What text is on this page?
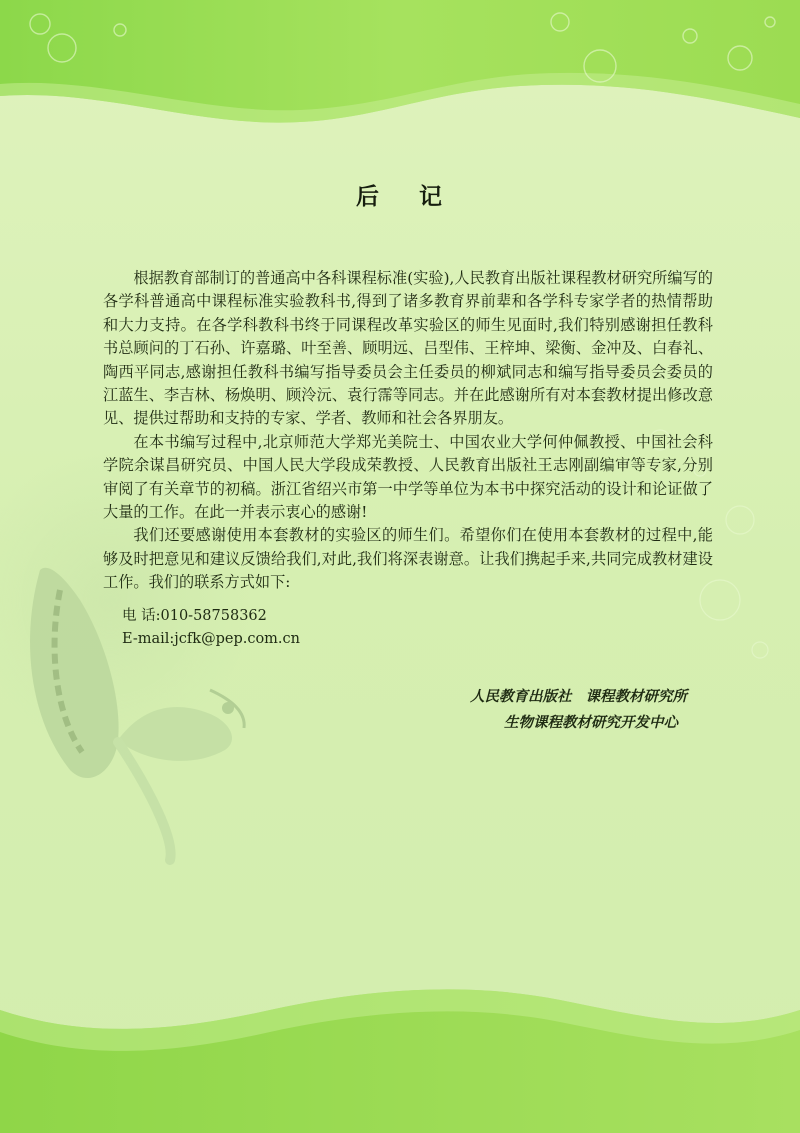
后 记

根据教育部制订的普通高中各科课程标准(实验),人民教育出版社课程教材研究所编写的各学科普通高中课程标准实验教科书,得到了诸多教育界前辈和各学科专家学者的热情帮助和大力支持。在各学科教科书终于同课程改革实验区的师生见面时,我们特别感谢担任教科书总顾问的丁石孙、许嘉璐、叶至善、顾明远、吕型伟、王梓坤、梁衡、金冲及、白春礼、陶西平同志,感谢担任教科书编写指导委员会主任委员的柳斌同志和编写指导委员会委员的江蓝生、李吉林、杨焕明、顾泠沅、袁行霈等同志。并在此感谢所有对本套教材提出修改意见、提供过帮助和支持的专家、学者、教师和社会各界朋友。

在本书编写过程中,北京师范大学郑光美院士、中国农业大学何仲佩教授、中国社会科学院余谋昌研究员、中国人民大学段成荣教授、人民教育出版社王志刚副编审等专家,分别审阅了有关章节的初稿。浙江省绍兴市第一中学等单位为本书中探究活动的设计和论证做了大量的工作。在此一并表示衷心的感谢!

我们还要感谢使用本套教材的实验区的师生们。希望你们在使用本套教材的过程中,能够及时把意见和建议反馈给我们,对此,我们将深表谢意。让我们携起手来,共同完成教材建设工作。我们的联系方式如下:

电 话:010-58758362
E-mail:jcfk@pep.com.cn
人民教育出版社 课程教材研究所
生物课程教材研究开发中心
